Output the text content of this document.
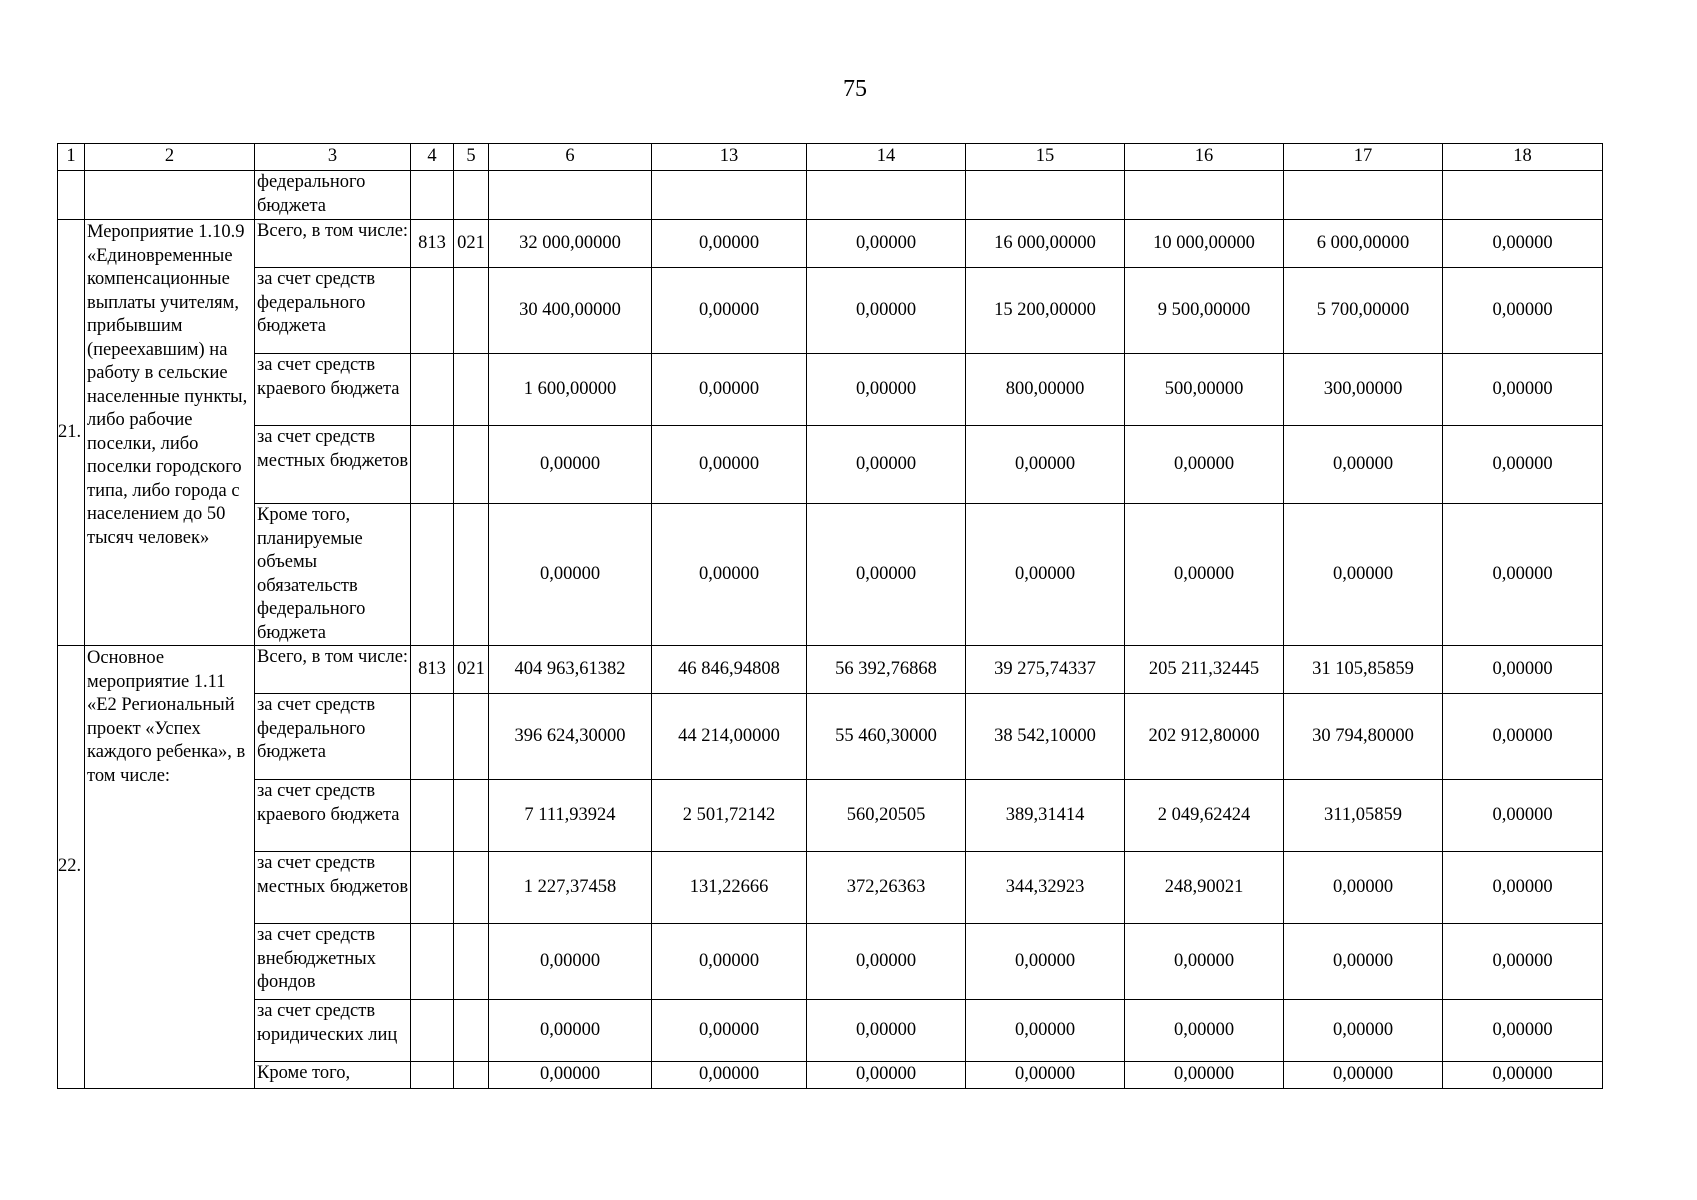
75
1	2	3	4	5	6	13	14	15	16	17	18
		федерального бюджета									
21.	Мероприятие 1.10.9 «Единовременные компенсационные выплаты учителям, прибывшим (переехавшим) на работу в сельские населенные пункты, либо рабочие поселки, либо поселки городского типа, либо города с населением до 50 тысяч человек»	Всего, в том числе:	813	021	32 000,00000	0,00000	0,00000	16 000,00000	10 000,00000	6 000,00000	0,00000
		за счет средств федерального бюджета			30 400,00000	0,00000	0,00000	15 200,00000	9 500,00000	5 700,00000	0,00000
		за счет средств краевого бюджета			1 600,00000	0,00000	0,00000	800,00000	500,00000	300,00000	0,00000
		за счет средств местных бюджетов			0,00000	0,00000	0,00000	0,00000	0,00000	0,00000	0,00000
		Кроме того, планируемые объемы обязательств федерального бюджета			0,00000	0,00000	0,00000	0,00000	0,00000	0,00000	0,00000
22.	Основное мероприятие 1.11 «Е2 Региональный проект «Успех каждого ребенка», в том числе:	Всего, в том числе:	813	021	404 963,61382	46 846,94808	56 392,76868	39 275,74337	205 211,32445	31 105,85859	0,00000
		за счет средств федерального бюджета			396 624,30000	44 214,00000	55 460,30000	38 542,10000	202 912,80000	30 794,80000	0,00000
		за счет средств краевого бюджета			7 111,93924	2 501,72142	560,20505	389,31414	2 049,62424	311,05859	0,00000
		за счет средств местных бюджетов			1 227,37458	131,22666	372,26363	344,32923	248,90021	0,00000	0,00000
		за счет средств внебюджетных фондов			0,00000	0,00000	0,00000	0,00000	0,00000	0,00000	0,00000
		за счет средств юридических лиц			0,00000	0,00000	0,00000	0,00000	0,00000	0,00000	0,00000
		Кроме того,			0,00000	0,00000	0,00000	0,00000	0,00000	0,00000	0,00000
